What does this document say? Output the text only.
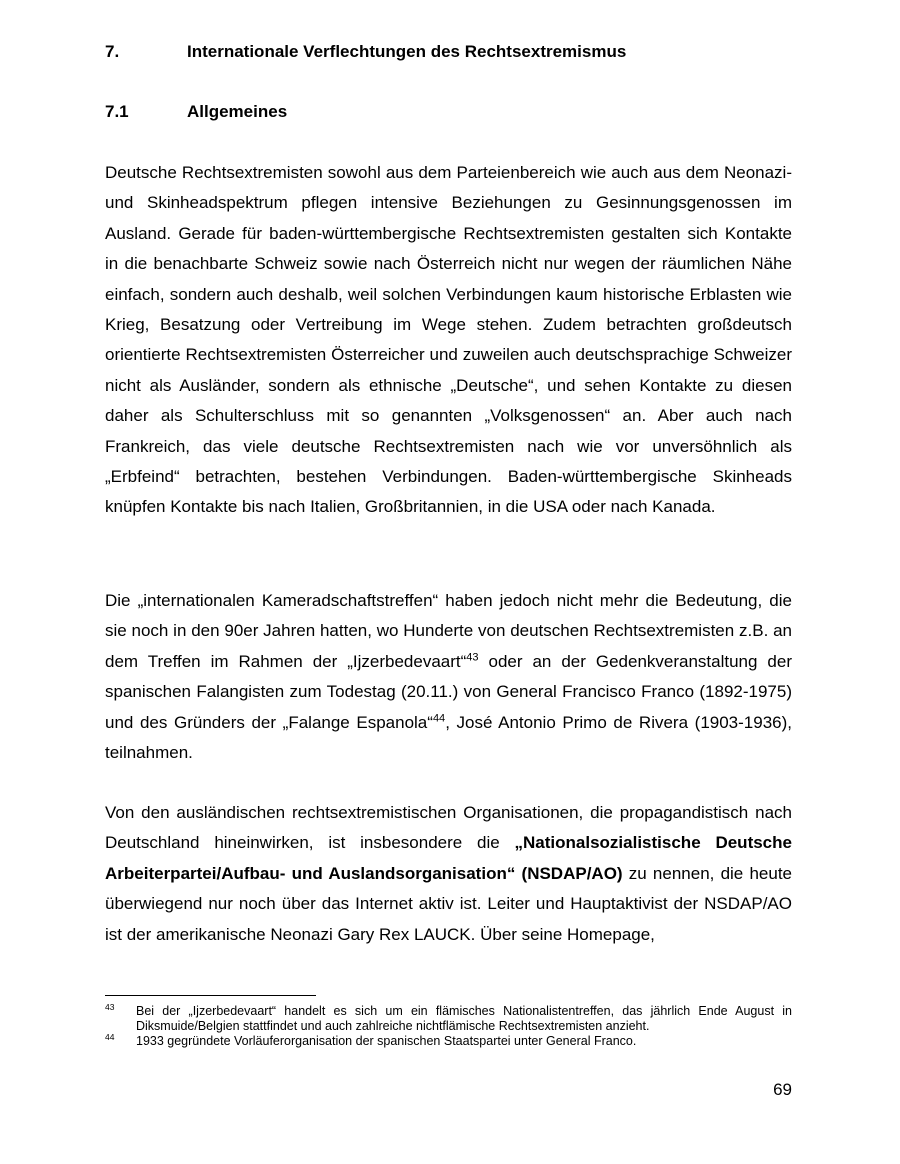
7.	Internationale Verflechtungen des Rechtsextremismus
7.1	Allgemeines

Deutsche Rechtsextremisten sowohl aus dem Parteienbereich wie auch aus dem Neonazi- und Skinheadspektrum pflegen intensive Beziehungen zu Gesinnungsgenossen im Ausland. Gerade für baden-württembergische Rechtsextremisten gestalten sich Kontakte in die benachbarte Schweiz sowie nach Österreich nicht nur wegen der räumlichen Nähe einfach, sondern auch deshalb, weil solchen Verbindungen kaum historische Erblasten wie Krieg, Besatzung oder Vertreibung im Wege stehen. Zudem betrachten großdeutsch orientierte Rechtsextremisten Österreicher und zuweilen auch deutschsprachige Schweizer nicht als Ausländer, sondern als ethnische „Deutsche“, und sehen Kontakte zu diesen daher als Schulterschluss mit so genannten „Volksgenossen“ an. Aber auch nach Frankreich, das viele deutsche Rechtsextremisten nach wie vor unversöhnlich als „Erbfeind“ betrachten, bestehen Verbindungen. Baden-württembergische Skinheads knüpfen Kontakte bis nach Italien, Großbritannien, in die USA oder nach Kanada.

Die „internationalen Kameradschaftstreffen“ haben jedoch nicht mehr die Bedeutung, die sie noch in den 90er Jahren hatten, wo Hunderte von deutschen Rechtsextremisten z.B. an dem Treffen im Rahmen der „Ijzerbedevaart“$^{43}$ oder an der Gedenkveranstaltung der spanischen Falangisten zum Todestag (20.11.) von General Francisco Franco (1892-1975) und des Gründers der „Falange Espanola“$^{44}$, José Antonio Primo de Rivera (1903-1936), teilnahmen.

Von den ausländischen rechtsextremistischen Organisationen, die propagandistisch nach Deutschland hineinwirken, ist insbesondere die „Nationalsozialistische Deutsche Arbeiterpartei/Aufbau- und Auslandsorganisation“ (NSDAP/AO) zu nennen, die heute überwiegend nur noch über das Internet aktiv ist. Leiter und Hauptaktivist der NSDAP/AO ist der amerikanische Neonazi Gary Rex LAUCK. Über seine Homepage,

43 Bei der „Ijzerbedevaart“ handelt es sich um ein flämisches Nationalistentreffen, das jährlich Ende August in Diksmuide/Belgien stattfindet und auch zahlreiche nichtflämische Rechtsextremisten anzieht.
44 1933 gegründete Vorläuferorganisation der spanischen Staatspartei unter General Franco.
69
